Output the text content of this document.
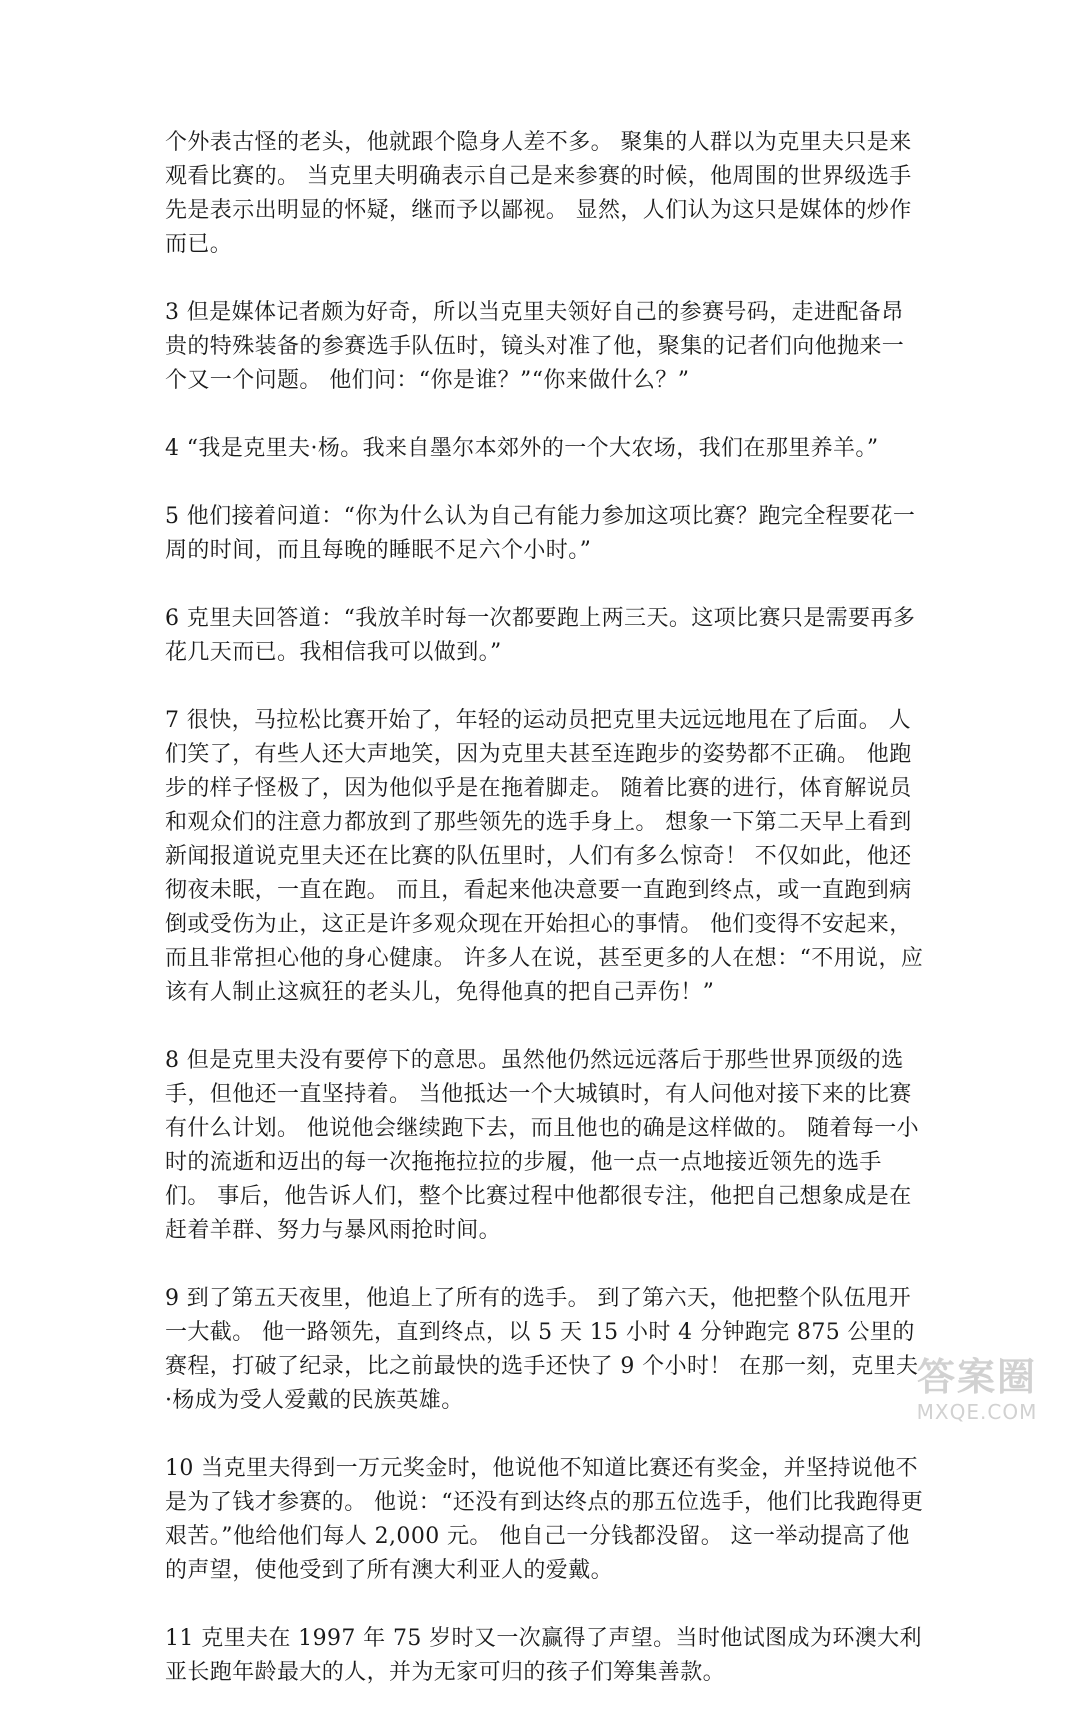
个外表古怪的老头，他就跟个隐身人差不多。 聚集的人群以为克里夫只是来观看比赛的。 当克里夫明确表示自己是来参赛的时候，他周围的世界级选手先是表示出明显的怀疑，继而予以鄙视。 显然，人们认为这只是媒体的炒作而已。

3 但是媒体记者颇为好奇，所以当克里夫领好自己的参赛号码，走进配备昂贵的特殊装备的参赛选手队伍时，镜头对准了他，聚集的记者们向他抛来一个又一个问题。 他们问：“你是谁？”“你来做什么？”

4 “我是克里夫·杨。我来自墨尔本郊外的一个大农场，我们在那里养羊。”

5 他们接着问道：“你为什么认为自己有能力参加这项比赛？跑完全程要花一周的时间，而且每晚的睡眠不足六个小时。”

6 克里夫回答道：“我放羊时每一次都要跑上两三天。这项比赛只是需要再多花几天而已。我相信我可以做到。”

7 很快，马拉松比赛开始了，年轻的运动员把克里夫远远地甩在了后面。 人们笑了，有些人还大声地笑，因为克里夫甚至连跑步的姿势都不正确。 他跑步的样子怪极了，因为他似乎是在拖着脚走。 随着比赛的进行，体育解说员和观众们的注意力都放到了那些领先的选手身上。 想象一下第二天早上看到新闻报道说克里夫还在比赛的队伍里时，人们有多么惊奇！ 不仅如此，他还彻夜未眠，一直在跑。 而且，看起来他决意要一直跑到终点，或一直跑到病倒或受伤为止，这正是许多观众现在开始担心的事情。 他们变得不安起来，而且非常担心他的身心健康。 许多人在说，甚至更多的人在想：“不用说，应该有人制止这疯狂的老头儿，免得他真的把自己弄伤！”

8 但是克里夫没有要停下的意思。虽然他仍然远远落后于那些世界顶级的选手，但他还一直坚持着。 当他抵达一个大城镇时，有人问他对接下来的比赛有什么计划。 他说他会继续跑下去，而且他也的确是这样做的。 随着每一小时的流逝和迈出的每一次拖拖拉拉的步履，他一点一点地接近领先的选手们。 事后，他告诉人们，整个比赛过程中他都很专注，他把自己想象成是在赶着羊群、努力与暴风雨抢时间。

9 到了第五天夜里，他追上了所有的选手。 到了第六天，他把整个队伍甩开一大截。 他一路领先，直到终点，以 5 天 15 小时 4 分钟跑完 875 公里的赛程，打破了纪录，比之前最快的选手还快了 9 个小时！ 在那一刻，克里夫·杨成为受人爱戴的民族英雄。

10 当克里夫得到一万元奖金时，他说他不知道比赛还有奖金，并坚持说他不是为了钱才参赛的。 他说：“还没有到达终点的那五位选手，他们比我跑得更艰苦。”他给他们每人 2,000 元。 他自己一分钱都没留。 这一举动提高了他的声望，使他受到了所有澳大利亚人的爱戴。

11 克里夫在 1997 年 75 岁时又一次赢得了声望。当时他试图成为环澳大利亚长跑年龄最大的人，并为无家可归的孩子们筹集善款。

答案圈
MXQE.COM
